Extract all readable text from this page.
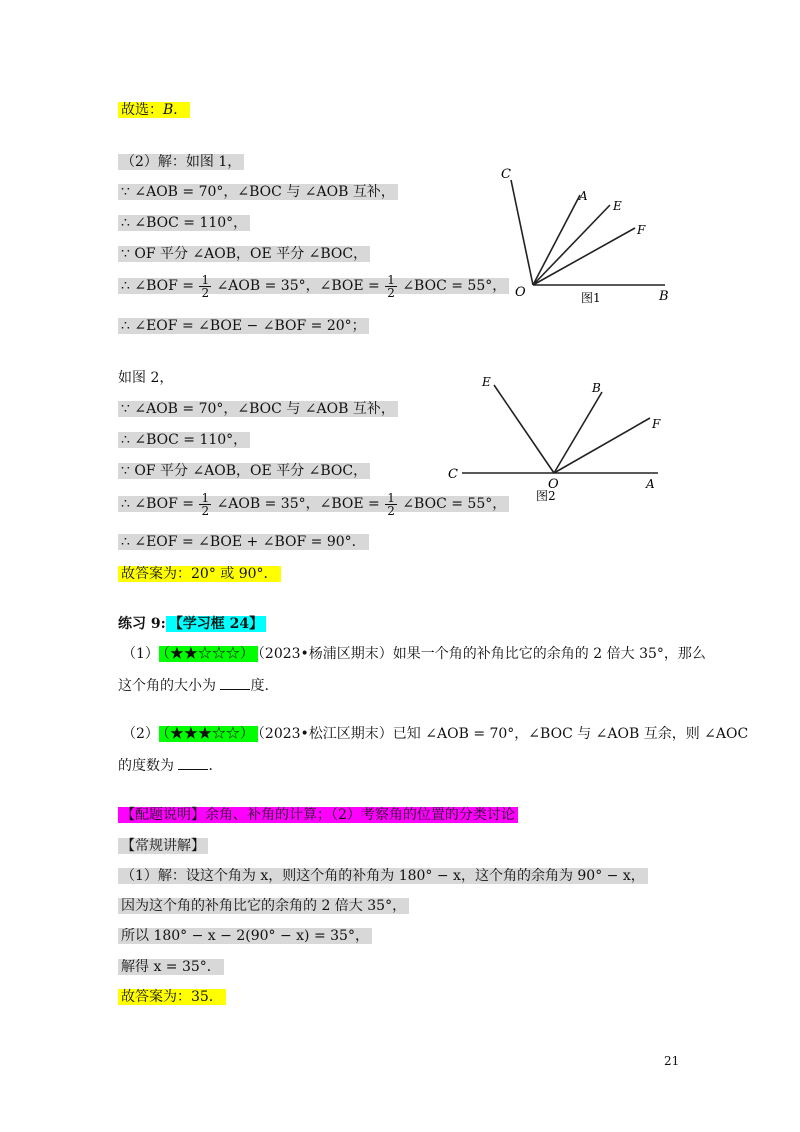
故选：B．
（2）解：如图 1，
∵ ∠AOB = 70°，∠BOC 与 ∠AOB 互补，
∴ ∠BOC = 110°，
∵ OF 平分 ∠AOB，OE 平分 ∠BOC，
∴ ∠BOF = $\frac{1}{2}$ ∠AOB = 35°，∠BOE = $\frac{1}{2}$ ∠BOC = 55°，
∴ ∠EOF = ∠BOE − ∠BOF = 20°；
C
A
E
F
O	B
图1
如图 2，
∵ ∠AOB = 70°，∠BOC 与 ∠AOB 互补，
∴ ∠BOC = 110°，
∵ OF 平分 ∠AOB，OE 平分 ∠BOC，
∴ ∠BOF = $\frac{1}{2}$ ∠AOB = 35°，∠BOE = $\frac{1}{2}$ ∠BOC = 55°，
∴ ∠EOF = ∠BOE + ∠BOF = 90°．
E	B
F
C
O	A
图2
故答案为：20° 或 90°．
练习 9: 【学习框 24】
（1） （★★☆☆☆） （2023•杨浦区期末）如果一个角的补角比它的余角的 2 倍大 35°，那么
这个角的大小为 度.
（2） （★★★☆☆） （2023•松江区期末）已知 ∠AOB = 70°，∠BOC 与 ∠AOB 互余，则 ∠AOC
的度数为 ．
【配题说明】余角、补角的计算；（2）考察角的位置的分类讨论
【常规讲解】
（1）解：设这个角为 x，则这个角的补角为 180° − x，这个角的余角为 90° − x，
因为这个角的补角比它的余角的 2 倍大 35°，
所以 180° − x − 2(90° − x) = 35°，
解得 x = 35°．
故答案为：35．
21
